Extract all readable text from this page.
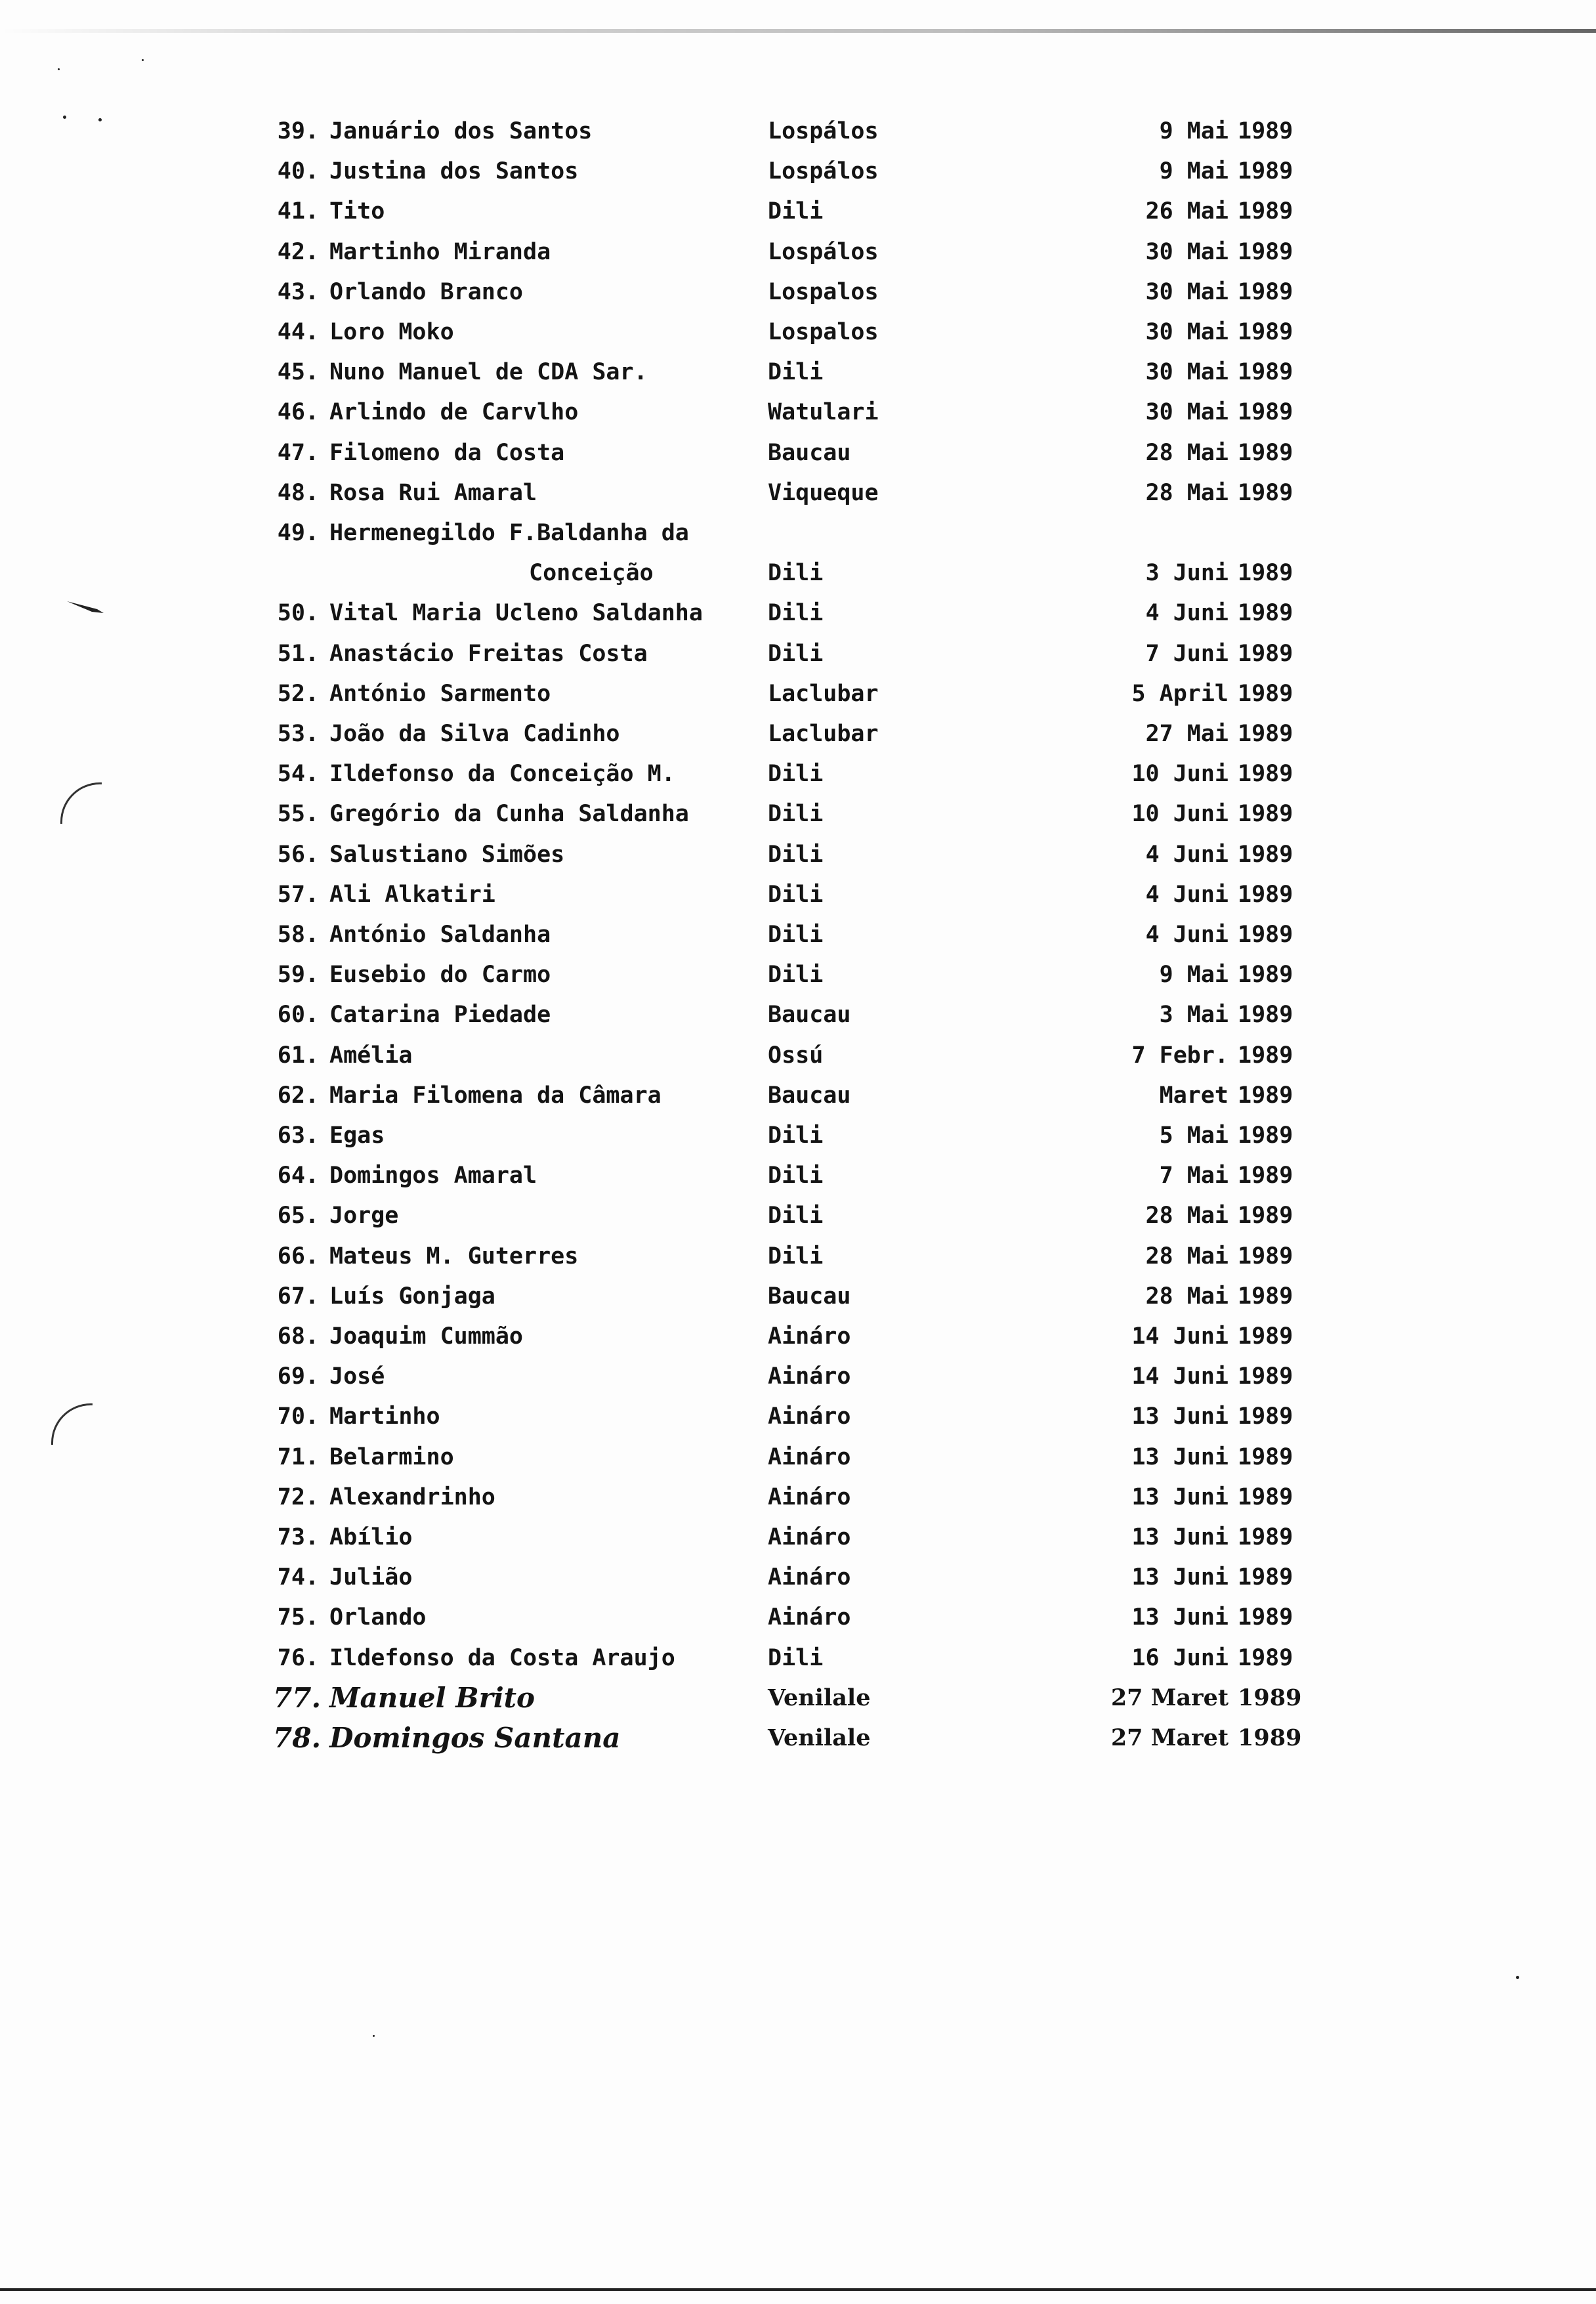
39. Januário dos Santos	Lospálos	9 Mai 1989
40. Justina dos Santos	Lospálos	9 Mai 1989
41. Tito	Dili	26 Mai 1989
42. Martinho Miranda	Lospálos	30 Mai 1989
43. Orlando Branco	Lospalos	30 Mai 1989
44. Loro Moko	Lospalos	30 Mai 1989
45. Nuno Manuel de CDA Sar.	Dili	30 Mai 1989
46. Arlindo de Carvlho	Watulari	30 Mai 1989
47. Filomeno da Costa	Baucau	28 Mai 1989
48. Rosa Rui Amaral	Viqueque	28 Mai 1989
49. Hermenegildo F.Baldanha da
Conceição	Dili	3 Juni 1989
50. Vital Maria Ucleno Saldanha	Dili	4 Juni 1989
51. Anastácio Freitas Costa	Dili	7 Juni 1989
52. António Sarmento	Laclubar	5 April 1989
53. João da Silva Cadinho	Laclubar	27 Mai 1989
54. Ildefonso da Conceição M.	Dili	10 Juni 1989
55. Gregório da Cunha Saldanha	Dili	10 Juni 1989
56. Salustiano Simões	Dili	4 Juni 1989
57. Ali Alkatiri	Dili	4 Juni 1989
58. António Saldanha	Dili	4 Juni 1989
59. Eusebio do Carmo	Dili	9 Mai 1989
60. Catarina Piedade	Baucau	3 Mai 1989
61. Amélia	Ossú	7 Febr. 1989
62. Maria Filomena da Câmara	Baucau	Maret 1989
63. Egas	Dili	5 Mai 1989
64. Domingos Amaral	Dili	7 Mai 1989
65. Jorge	Dili	28 Mai 1989
66. Mateus M. Guterres	Dili	28 Mai 1989
67. Luís Gonjaga	Baucau	28 Mai 1989
68. Joaquim Cummão	Aináro	14 Juni 1989
69. José	Aináro	14 Juni 1989
70. Martinho	Aináro	13 Juni 1989
71. Belarmino	Aináro	13 Juni 1989
72. Alexandrinho	Aináro	13 Juni 1989
73. Abílio	Aináro	13 Juni 1989
74. Julião	Aináro	13 Juni 1989
75. Orlando	Aináro	13 Juni 1989
76. Ildefonso da Costa Araujo	Dili	16 Juni 1989
77. Manuel Brito	Venilale	27 Maret 1989
78. Domingos Santana	Venilale	27 Maret 1989
